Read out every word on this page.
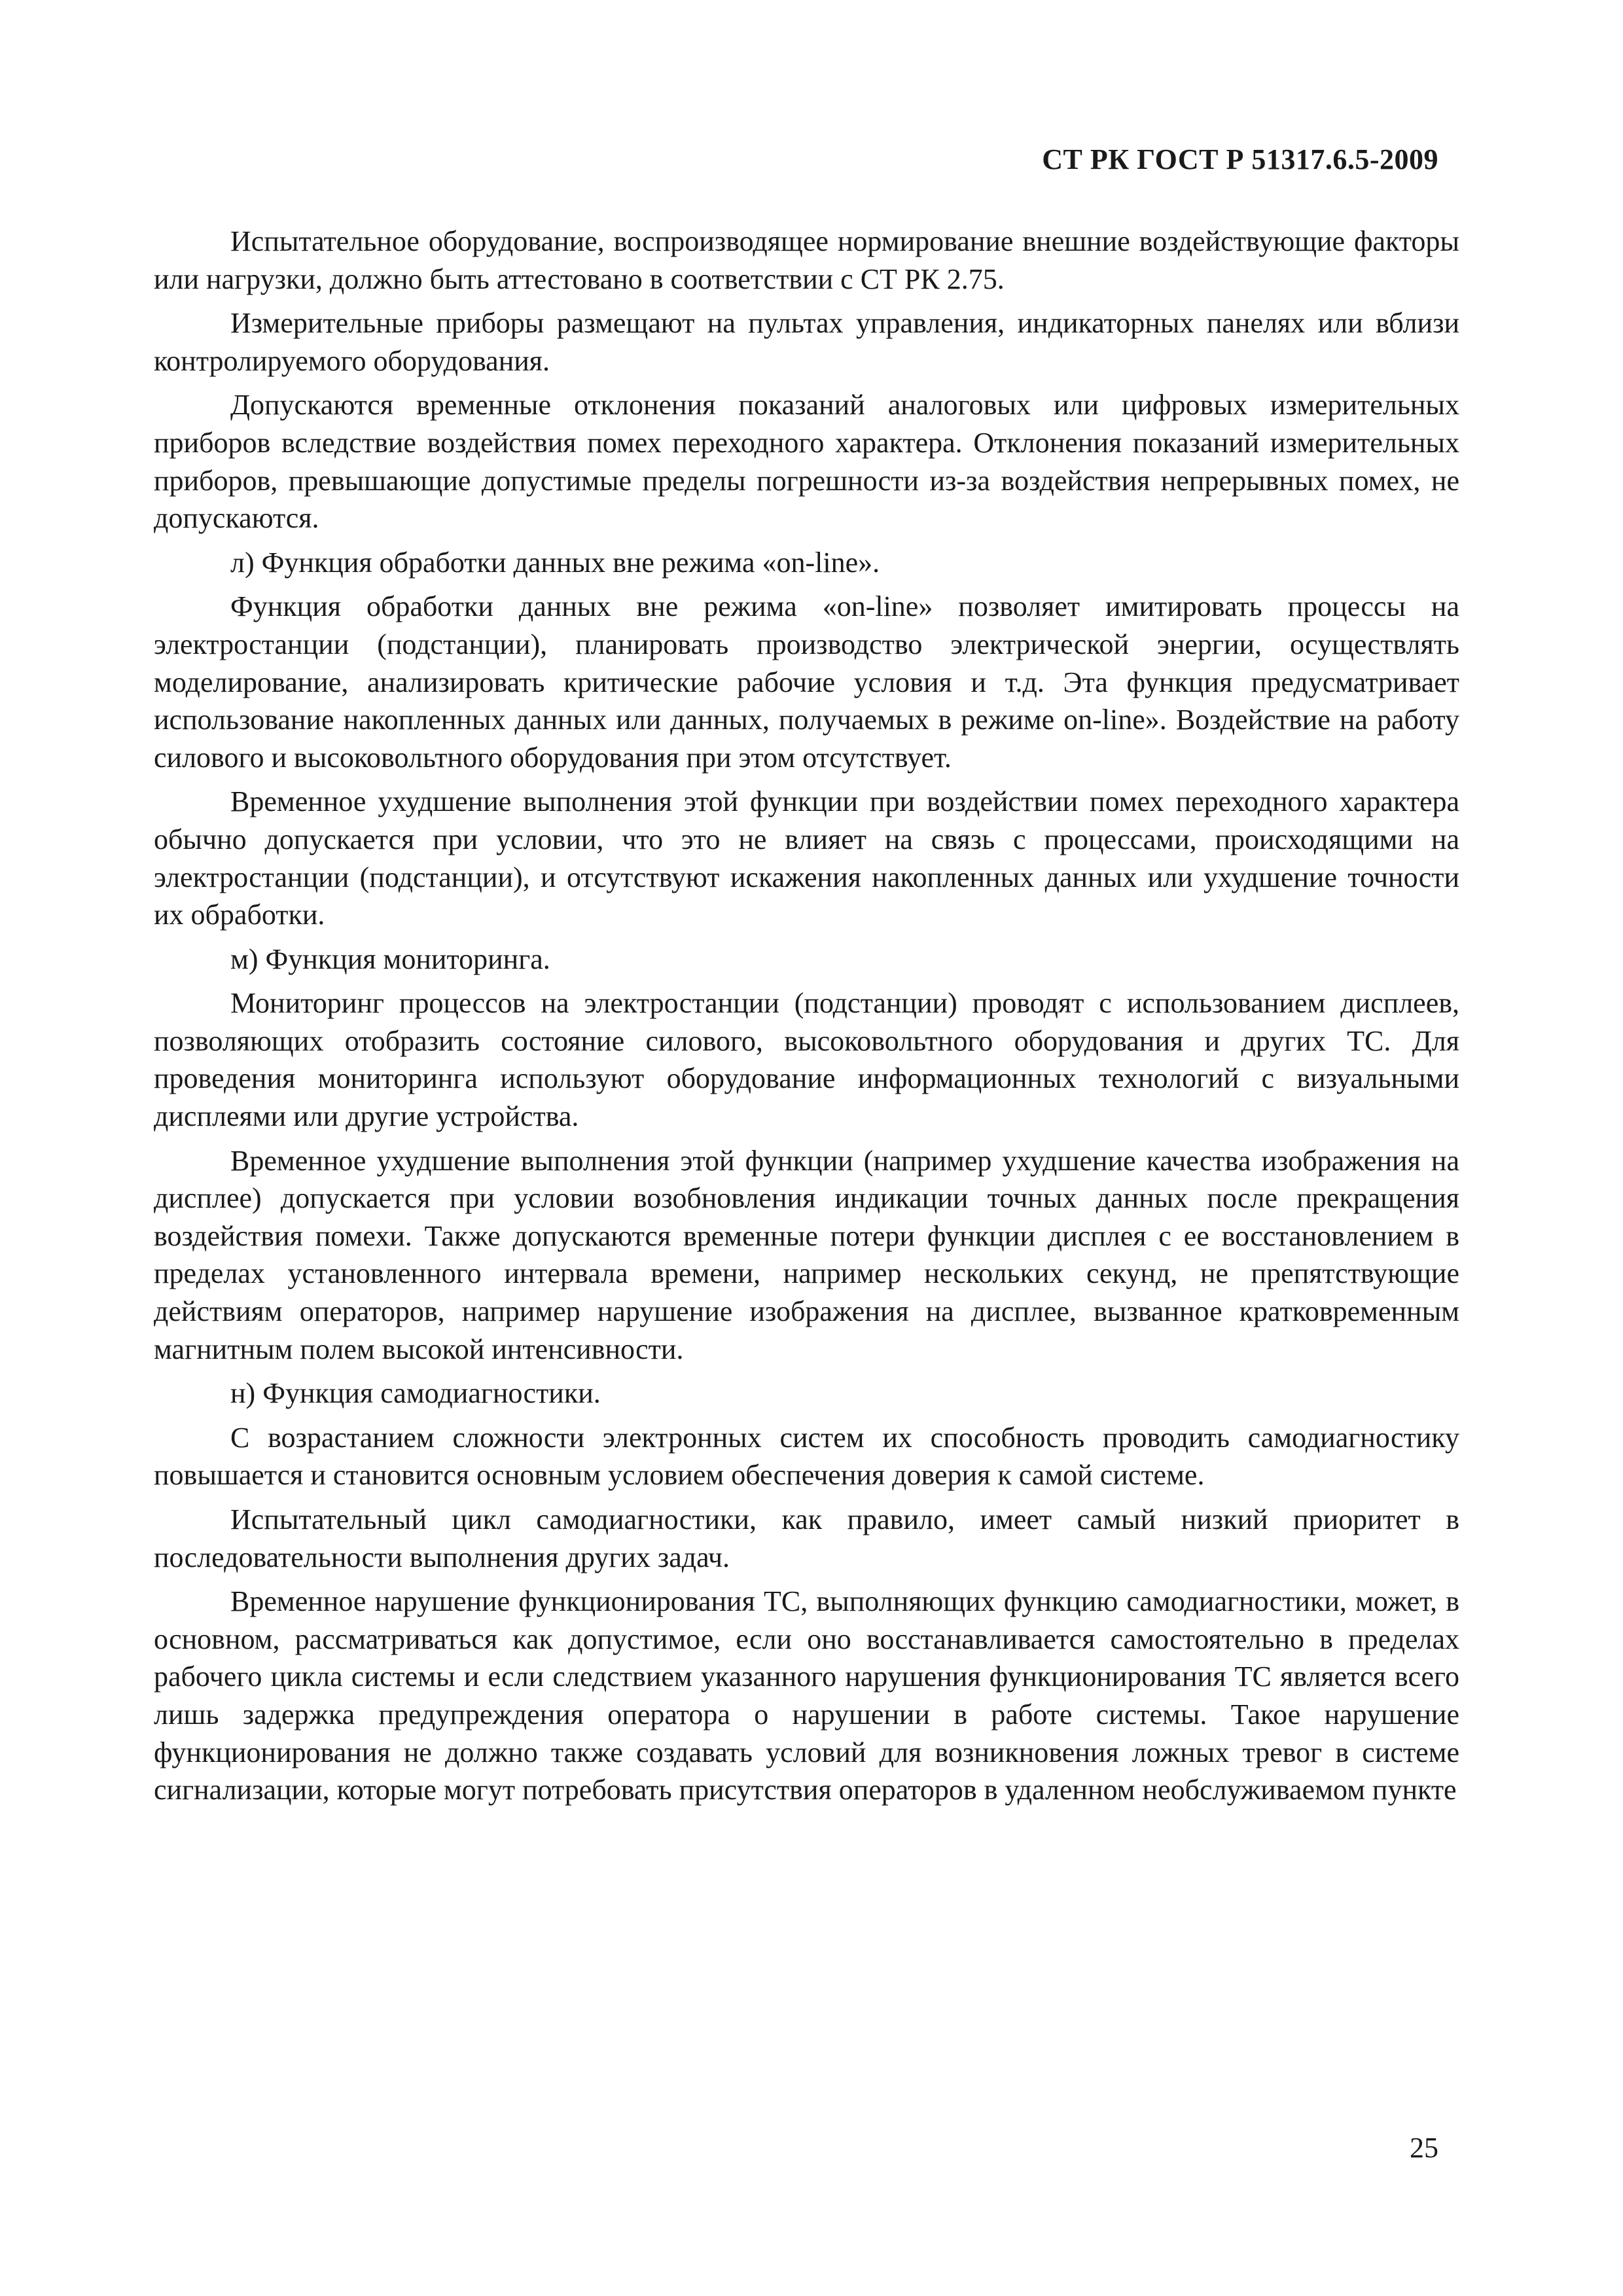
СТ РК ГОСТ Р 51317.6.5-2009

Испытательное оборудование, воспроизводящее нормирование внешние воздействующие факторы или нагрузки, должно быть аттестовано в соответствии с СТ РК 2.75.

Измерительные приборы размещают на пультах управления, индикаторных панелях или вблизи контролируемого оборудования.

Допускаются временные отклонения показаний аналоговых или цифровых измерительных приборов вследствие воздействия помех переходного характера. Отклонения показаний измерительных приборов, превышающие допустимые пределы погрешности из-за воздействия непрерывных помех, не допускаются.

л) Функция обработки данных вне режима «on-line».

Функция обработки данных вне режима «on-line» позволяет имитировать процессы на электростанции (подстанции), планировать производство электрической энергии, осуществлять моделирование, анализировать критические рабочие условия и т.д. Эта функция предусматривает использование накопленных данных или данных, получаемых в режиме on-line». Воздействие на работу силового и высоковольтного оборудования при этом отсутствует.

Временное ухудшение выполнения этой функции при воздействии помех переходного характера обычно допускается при условии, что это не влияет на связь с процессами, происходящими на электростанции (подстанции), и отсутствуют искажения накопленных данных или ухудшение точности их обработки.

м) Функция мониторинга.

Мониторинг процессов на электростанции (подстанции) проводят с использованием дисплеев, позволяющих отобразить состояние силового, высоковольтного оборудования и других ТС. Для проведения мониторинга используют оборудование информационных технологий с визуальными дисплеями или другие устройства.

Временное ухудшение выполнения этой функции (например ухудшение качества изображения на дисплее) допускается при условии возобновления индикации точных данных после прекращения воздействия помехи. Также допускаются временные потери функции дисплея с ее восстановлением в пределах установленного интервала времени, например нескольких секунд, не препятствующие действиям операторов, например нарушение изображения на дисплее, вызванное кратковременным магнитным полем высокой интенсивности.

н) Функция самодиагностики.

С возрастанием сложности электронных систем их способность проводить самодиагностику повышается и становится основным условием обеспечения доверия к самой системе.

Испытательный цикл самодиагностики, как правило, имеет самый низкий приоритет в последовательности выполнения других задач.

Временное нарушение функционирования ТС, выполняющих функцию самодиагностики, может, в основном, рассматриваться как допустимое, если оно восстанавливается самостоятельно в пределах рабочего цикла системы и если следствием указанного нарушения функционирования ТС является всего лишь задержка предупреждения оператора о нарушении в работе системы. Такое нарушение функционирования не должно также создавать условий для возникновения ложных тревог в системе сигнализации, которые могут потребовать присутствия операторов в удаленном необслуживаемом пункте

25
